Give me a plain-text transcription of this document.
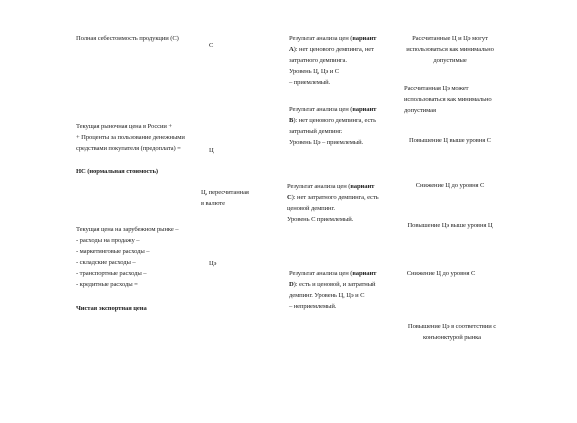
Полная себестоимость продукции (С)
Текущая рыночная цена в России +
+ Проценты за пользование денежными
средствами покупателя (предоплата) =
НС (нормальная стоимость)
Текущая цена на зарубежном рынке –
- расходы на продажу –
- маркетинговые расходы –
- складские расходы –
- транспортные расходы –
- кредитные расходы =
Чистая экспортная цена
С
Ц
Ц, пересчитанная
в валюте
Цэ
Результат анализа цен (вариант А): нет ценового демпинга, нет затратного демпинга.
Уровень Ц, Цэ и С
– приемлемый.
Результат анализа цен (вариант В): нет ценового демпинга, есть затратный демпинг.
Уровень Цэ – приемлемый.
Результат анализа цен (вариант С): нет затратного демпинга, есть ценовой демпинг.
Уровень С приемлемый.
Результат анализа цен (вариант D): есть и ценовой, и затратный демпинг. Уровень Ц, Цэ и С
– неприемлемый.
Рассчитанные Ц и Цэ могут
использоваться как минимально
допустимые
Рассчитанная Цэ может
использоваться как минимально
допустимая
Повышение Ц выше уровня С
Снижение Ц до уровня С
Повышение Цэ выше уровня Ц
Снижение Ц до уровня С
Повышение Цэ в соответствии с
конъюнктурой рынка
